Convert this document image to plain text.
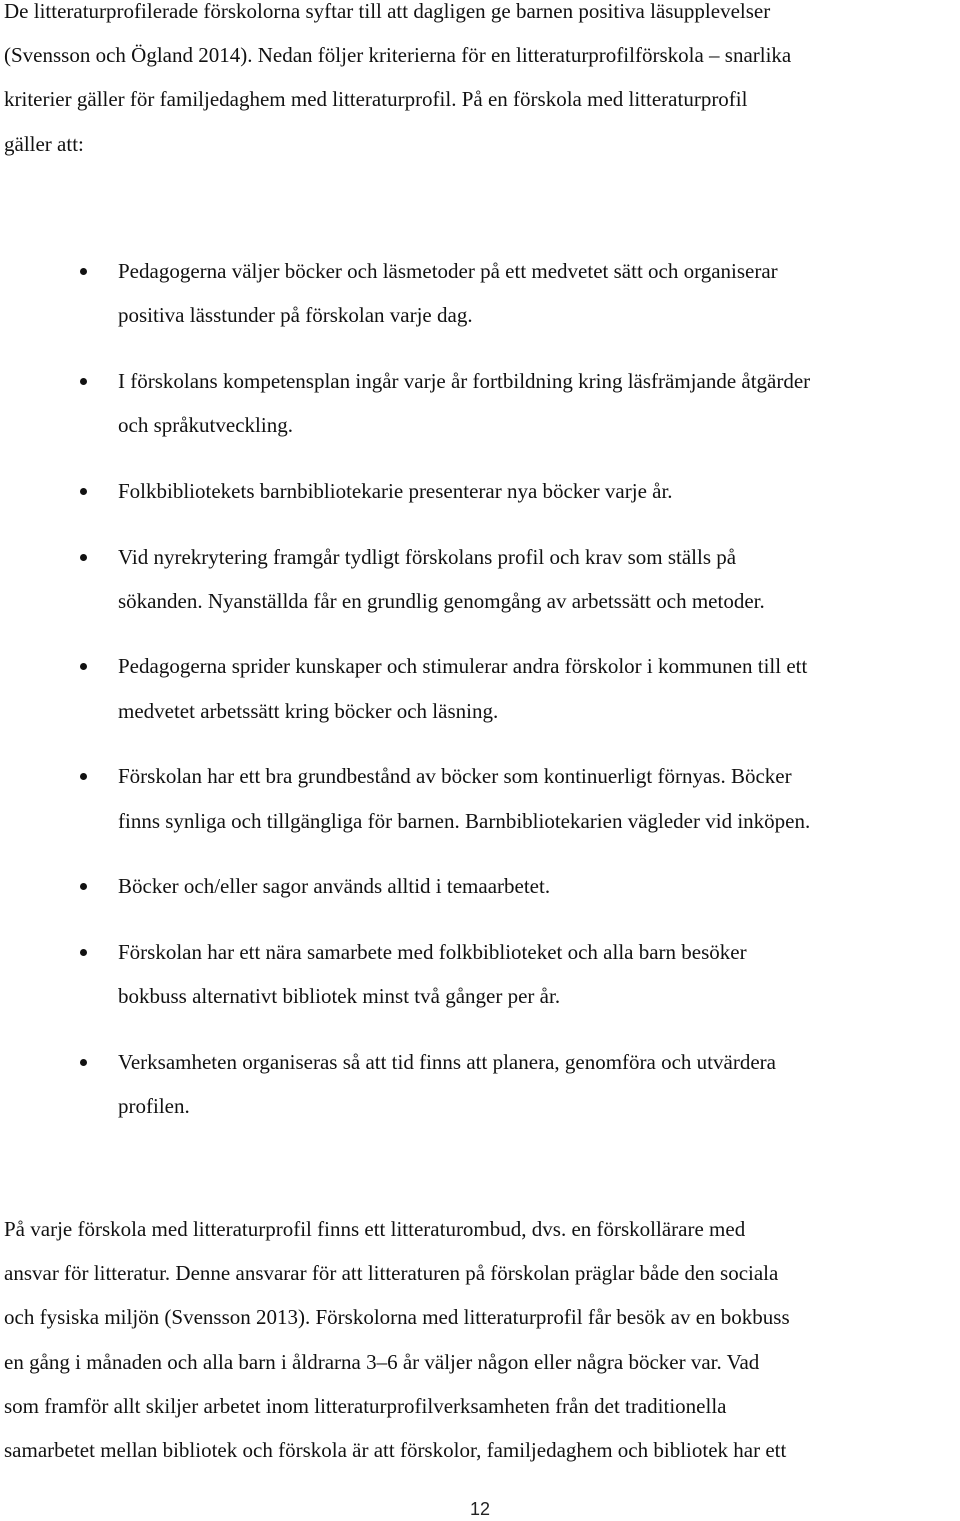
De litteraturprofilerade förskolorna syftar till att dagligen ge barnen positiva läsupplevelser
(Svensson och Ögland 2014). Nedan följer kriterierna för en litteraturprofilförskola – snarlika
kriterier gäller för familjedaghem med litteraturprofil. På en förskola med litteraturprofil
gäller att:

Pedagogerna väljer böcker och läsmetoder på ett medvetet sätt och organiserar
positiva lässtunder på förskolan varje dag.
I förskolans kompetensplan ingår varje år fortbildning kring läsfrämjande åtgärder
och språkutveckling.
Folkbibliotekets barnbibliotekarie presenterar nya böcker varje år.
Vid nyrekrytering framgår tydligt förskolans profil och krav som ställs på
sökanden. Nyanställda får en grundlig genomgång av arbetssätt och metoder.
Pedagogerna sprider kunskaper och stimulerar andra förskolor i kommunen till ett
medvetet arbetssätt kring böcker och läsning.
Förskolan har ett bra grundbestånd av böcker som kontinuerligt förnyas. Böcker
finns synliga och tillgängliga för barnen. Barnbibliotekarien vägleder vid inköpen.
Böcker och/eller sagor används alltid i temaarbetet.
Förskolan har ett nära samarbete med folkbiblioteket och alla barn besöker
bokbuss alternativt bibliotek minst två gånger per år.
Verksamheten organiseras så att tid finns att planera, genomföra och utvärdera
profilen.

På varje förskola med litteraturprofil finns ett litteraturombud, dvs. en förskollärare med
ansvar för litteratur. Denne ansvarar för att litteraturen på förskolan präglar både den sociala
och fysiska miljön (Svensson 2013). Förskolorna med litteraturprofil får besök av en bokbuss
en gång i månaden och alla barn i åldrarna 3–6 år väljer någon eller några böcker var. Vad
som framför allt skiljer arbetet inom litteraturprofilverksamheten från det traditionella
samarbetet mellan bibliotek och förskola är att förskolor, familjedaghem och bibliotek har ett

12
